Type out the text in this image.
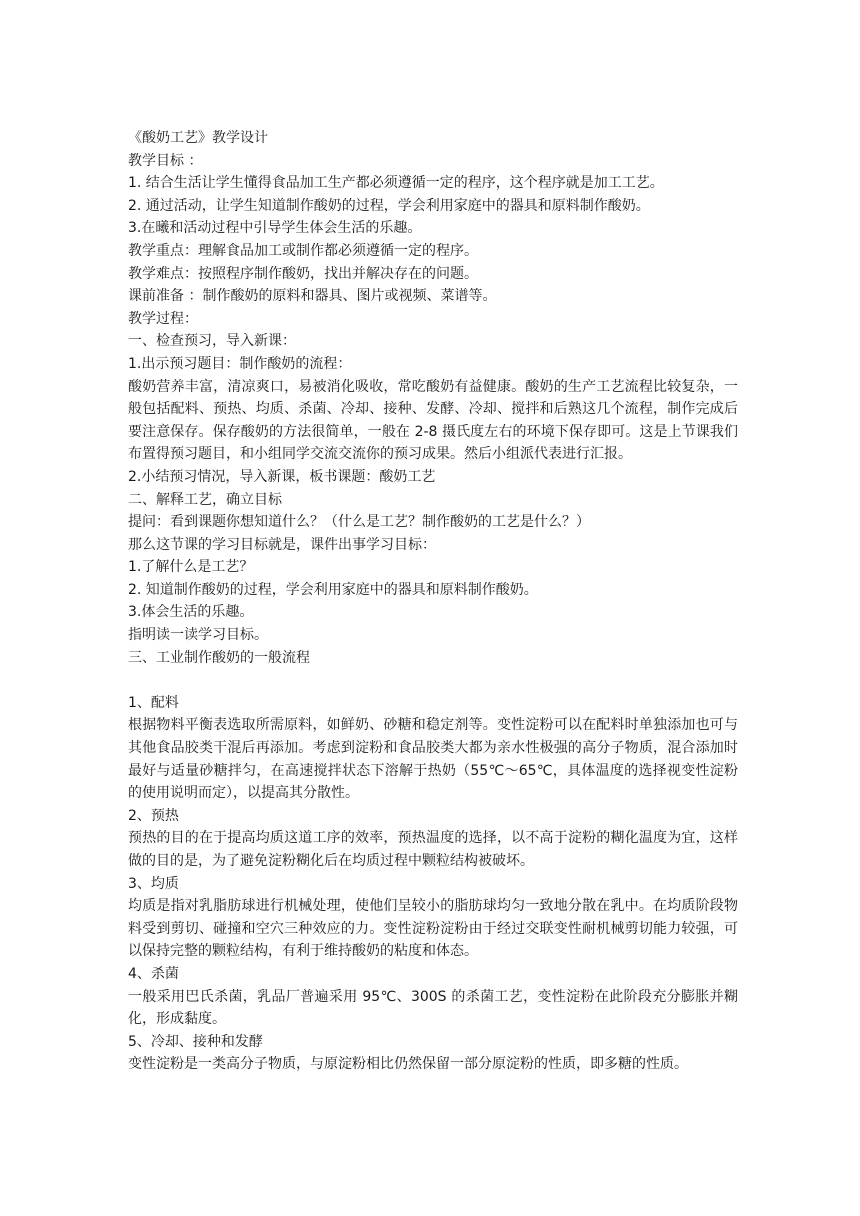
《酸奶工艺》教学设计

教学目标 ：

1. 结合生活让学生懂得食品加工生产都必须遵循一定的程序，这个程序就是加工工艺。

2. 通过活动，让学生知道制作酸奶的过程，学会利用家庭中的器具和原料制作酸奶。

3.在曦和活动过程中引导学生体会生活的乐趣。

教学重点：理解食品加工或制作都必须遵循一定的程序。

教学难点：按照程序制作酸奶，找出并解决存在的问题。

课前准备 ：制作酸奶的原料和器具、图片或视频、菜谱等。

教学过程：

一、检查预习，导入新课：

1.出示预习题目：制作酸奶的流程：

酸奶营养丰富，清凉爽口，易被消化吸收，常吃酸奶有益健康。酸奶的生产工艺流程比较复杂，一般包括配料、预热、均质、杀菌、冷却、接种、发酵、冷却、搅拌和后熟这几个流程，制作完成后要注意保存。保存酸奶的方法很简单，一般在 2-8 摄氏度左右的环境下保存即可。这是上节课我们布置得预习题目，和小组同学交流交流你的预习成果。然后小组派代表进行汇报。

2.小结预习情况，导入新课，板书课题：酸奶工艺

二、解释工艺，确立目标

提问：看到课题你想知道什么？（什么是工艺？制作酸奶的工艺是什么？）

那么这节课的学习目标就是，课件出事学习目标：

1.了解什么是工艺？

2. 知道制作酸奶的过程，学会利用家庭中的器具和原料制作酸奶。

3.体会生活的乐趣。

指明读一读学习目标。

三、工业制作酸奶的一般流程

1、配料

根据物料平衡表选取所需原料，如鲜奶、砂糖和稳定剂等。变性淀粉可以在配料时单独添加也可与其他食品胶类干混后再添加。考虑到淀粉和食品胶类大都为亲水性极强的高分子物质，混合添加时最好与适量砂糖拌匀，在高速搅拌状态下溶解于热奶（55℃～65℃，具体温度的选择视变性淀粉的使用说明而定），以提高其分散性。

2、预热

预热的目的在于提高均质这道工序的效率，预热温度的选择，以不高于淀粉的糊化温度为宜，这样做的目的是，为了避免淀粉糊化后在均质过程中颗粒结构被破坏。

3、均质

均质是指对乳脂肪球进行机械处理，使他们呈较小的脂肪球均匀一致地分散在乳中。在均质阶段物料受到剪切、碰撞和空穴三种效应的力。变性淀粉淀粉由于经过交联变性耐机械剪切能力较强，可以保持完整的颗粒结构，有利于维持酸奶的粘度和体态。

4、杀菌

一般采用巴氏杀菌，乳品厂普遍采用 95℃、300S 的杀菌工艺，变性淀粉在此阶段充分膨胀并糊化，形成黏度。

5、冷却、接种和发酵

变性淀粉是一类高分子物质，与原淀粉相比仍然保留一部分原淀粉的性质，即多糖的性质。
